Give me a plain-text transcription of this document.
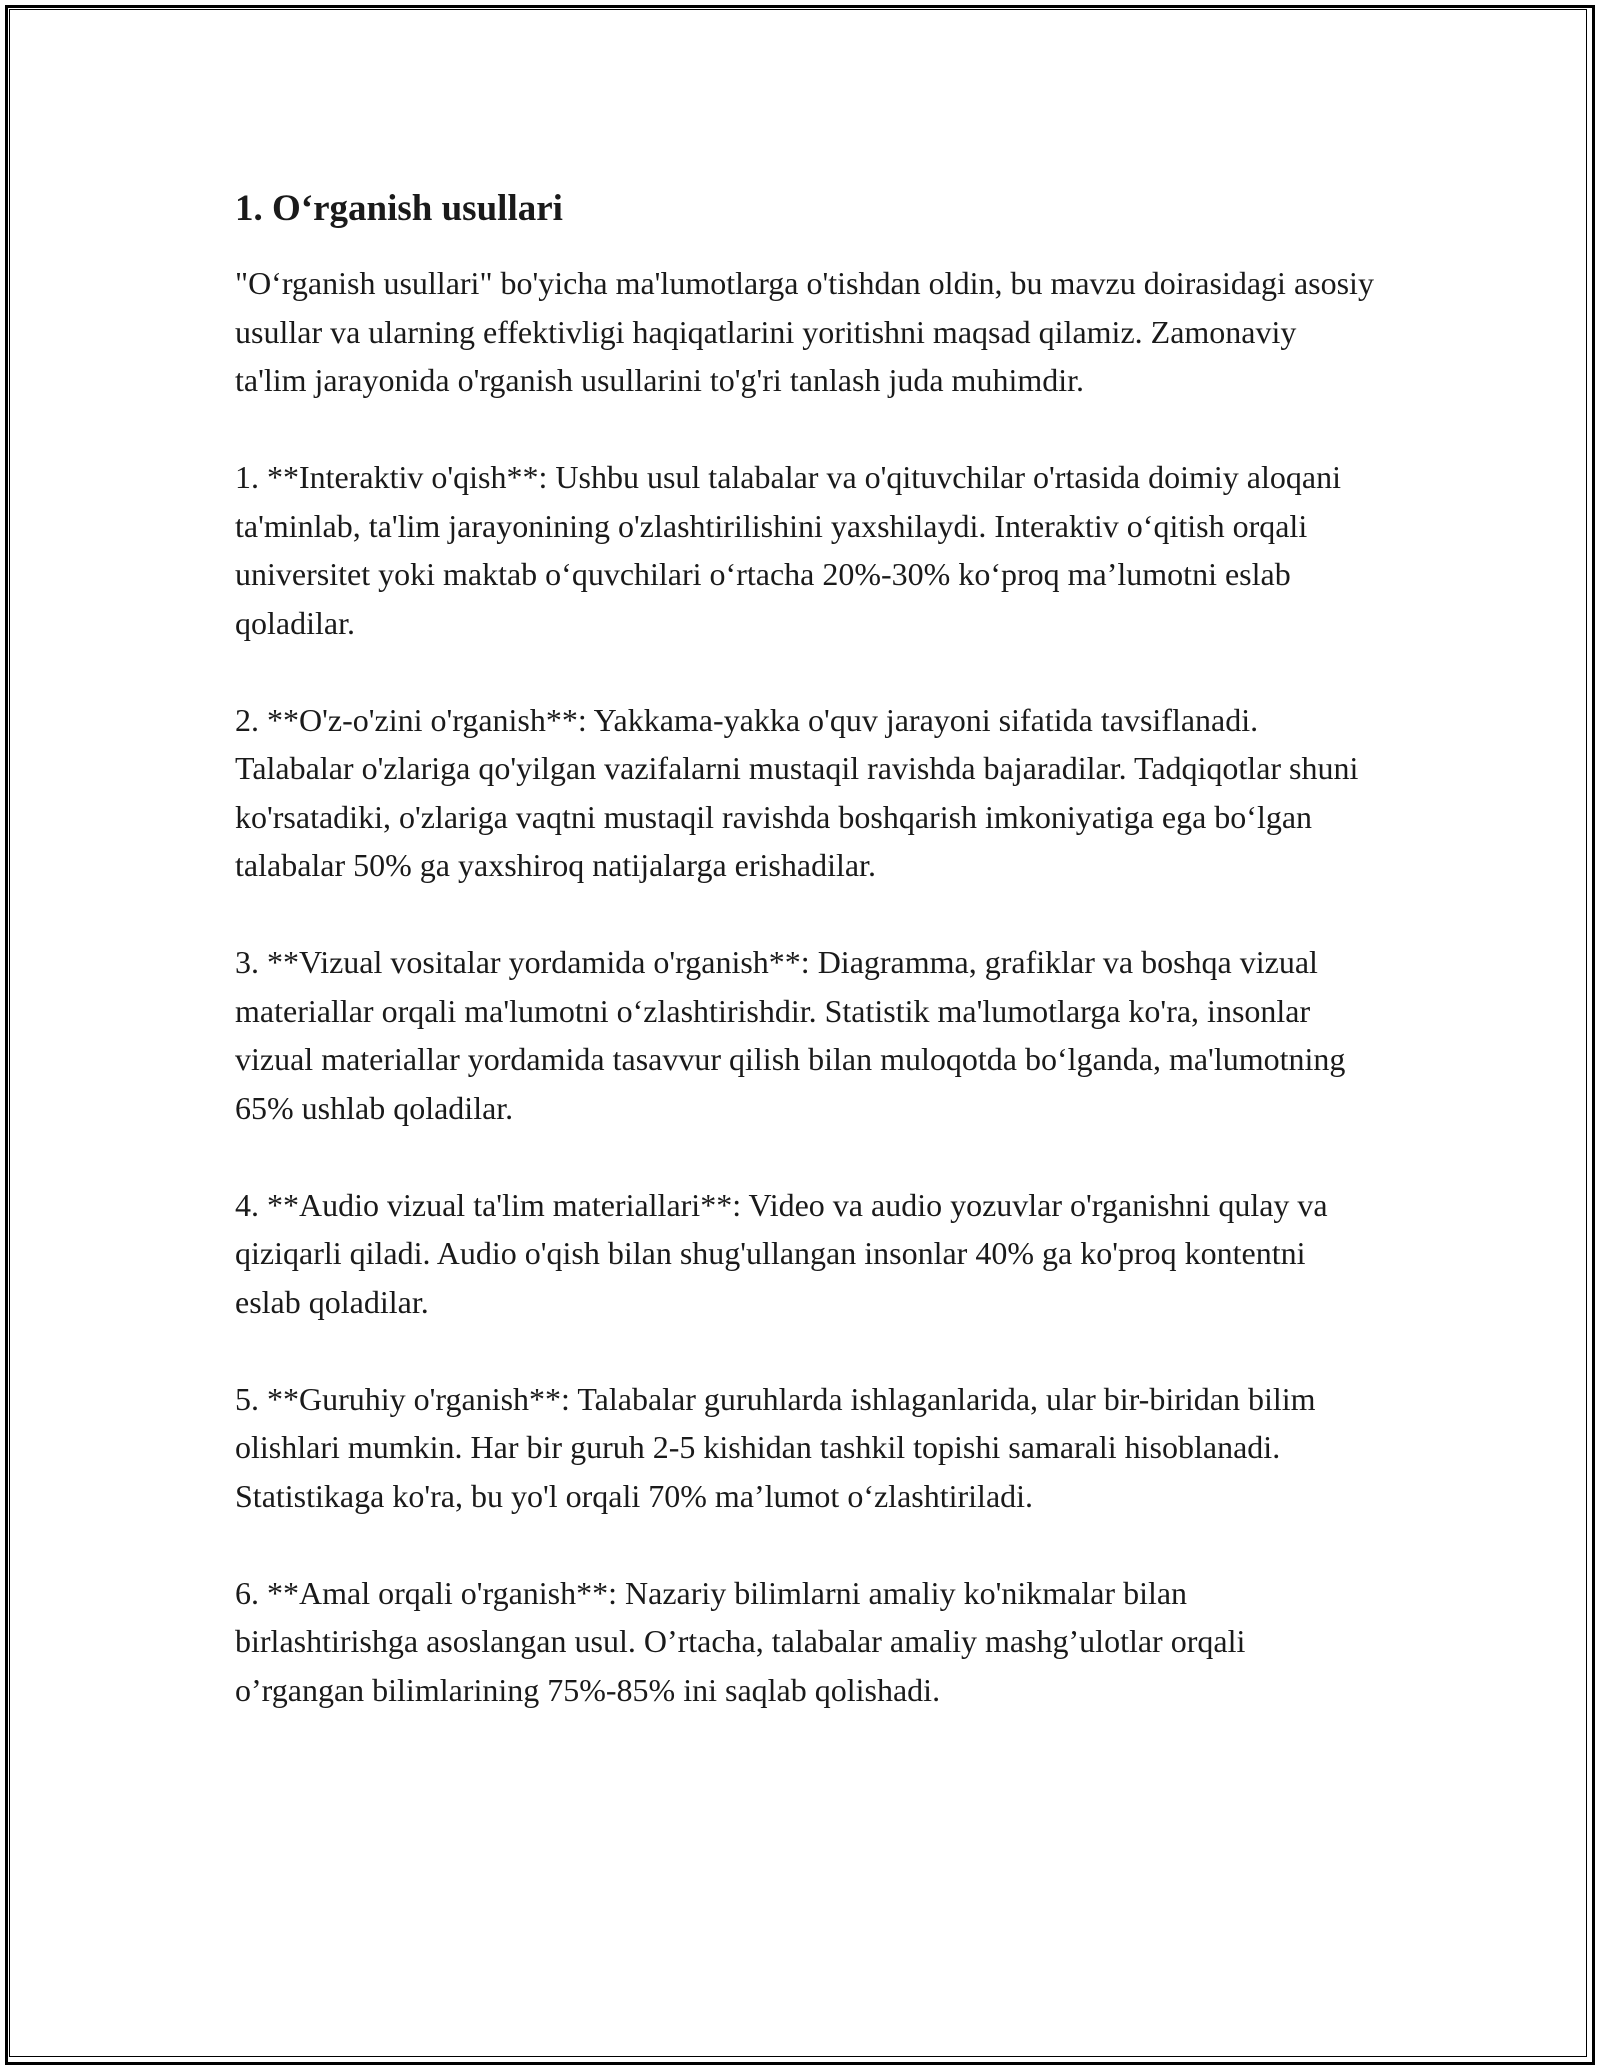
1. O‘rganish usullari

"O‘rganish usullari" bo'yicha ma'lumotlarga o'tishdan oldin, bu mavzu doirasidagi asosiy usullar va ularning effektivligi haqiqatlarini yoritishni maqsad qilamiz. Zamonaviy ta'lim jarayonida o'rganish usullarini to'g'ri tanlash juda muhimdir.

1. **Interaktiv o'qish**: Ushbu usul talabalar va o'qituvchilar o'rtasida doimiy aloqani ta'minlab, ta'lim jarayonining o'zlashtirilishini yaxshilaydi. Interaktiv o‘qitish orqali universitet yoki maktab o‘quvchilari o‘rtacha 20%-30% ko‘proq ma’lumotni eslab qoladilar.

2. **O'z-o'zini o'rganish**: Yakkama-yakka o'quv jarayoni sifatida tavsiflanadi. Talabalar o'zlariga qo'yilgan vazifalarni mustaqil ravishda bajaradilar. Tadqiqotlar shuni ko'rsatadiki, o'zlariga vaqtni mustaqil ravishda boshqarish imkoniyatiga ega bo‘lgan talabalar 50% ga yaxshiroq natijalarga erishadilar.

3. **Vizual vositalar yordamida o'rganish**: Diagramma, grafiklar va boshqa vizual materiallar orqali ma'lumotni o‘zlashtirishdir. Statistik ma'lumotlarga ko'ra, insonlar vizual materiallar yordamida tasavvur qilish bilan muloqotda bo‘lganda, ma'lumotning 65% ushlab qoladilar.

4. **Audio vizual ta'lim materiallari**: Video va audio yozuvlar o'rganishni qulay va qiziqarli qiladi. Audio o'qish bilan shug'ullangan insonlar 40% ga ko'proq kontentni eslab qoladilar.

5. **Guruhiy o'rganish**: Talabalar guruhlarda ishlaganlarida, ular bir-biridan bilim olishlari mumkin. Har bir guruh 2-5 kishidan tashkil topishi samarali hisoblanadi. Statistikaga ko'ra, bu yo'l orqali 70% ma’lumot o‘zlashtiriladi.

6. **Amal orqali o'rganish**: Nazariy bilimlarni amaliy ko'nikmalar bilan birlashtirishga asoslangan usul. O’rtacha, talabalar amaliy mashg’ulotlar orqali o’rgangan bilimlarining 75%-85% ini saqlab qolishadi.
